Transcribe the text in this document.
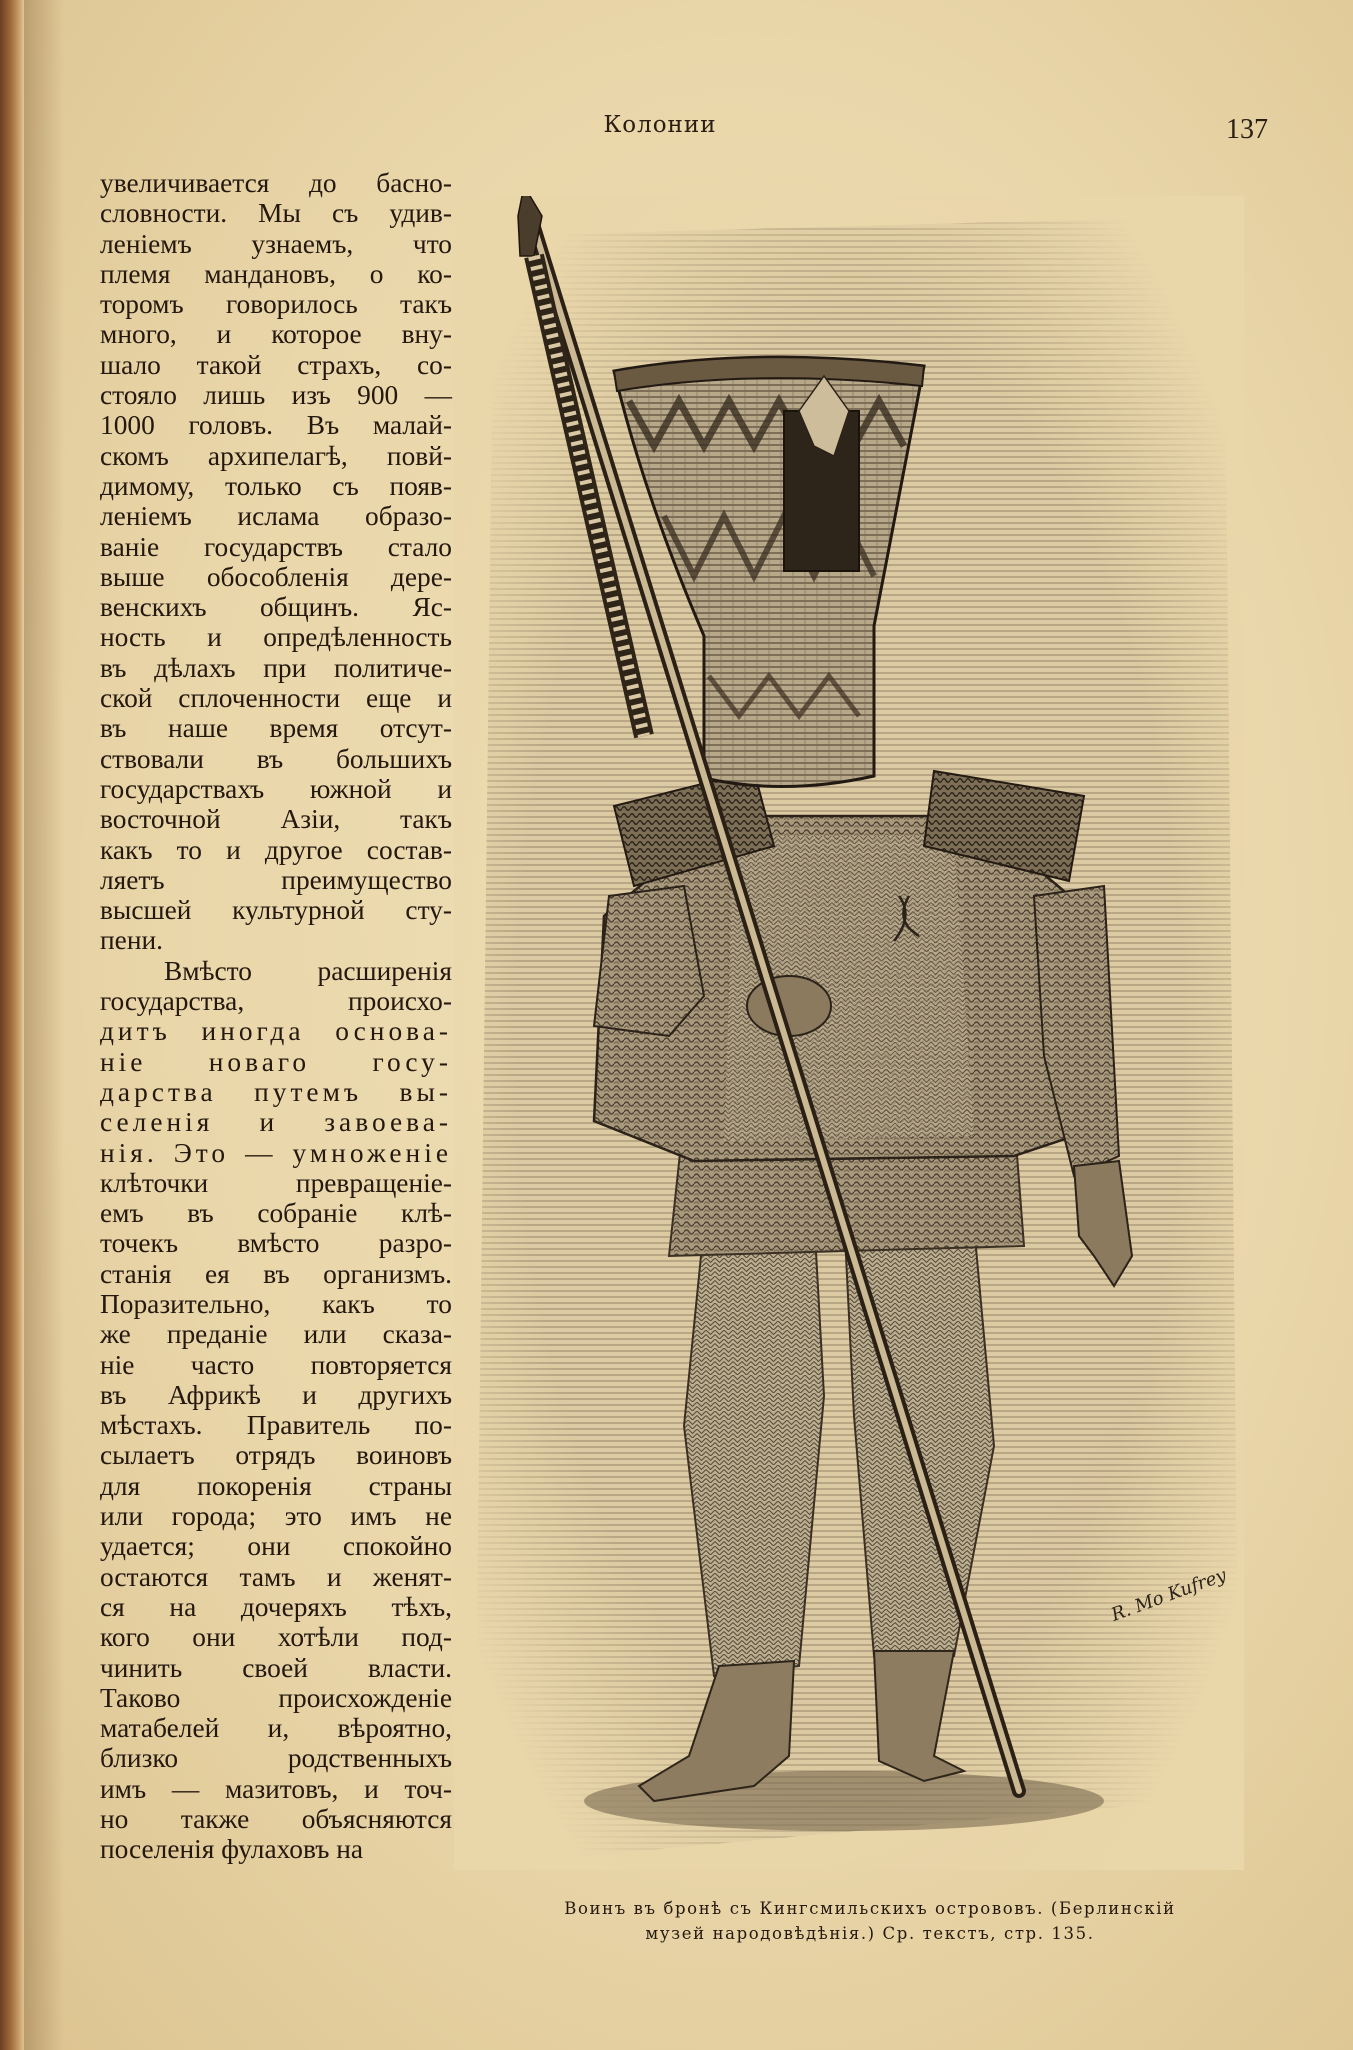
Колонии	137
увеличивается до басно-
словности. Мы съ удив-
ленiемъ узнаемъ, что
племя мандановъ, о ко-
торомъ говорилось такъ
много, и которое вну-
шало такой страхъ, со-
стояло лишь изъ 900 —
1000 головъ. Въ малай-
скомъ архипелагѣ, повй-
димому, только съ появ-
ленiемъ ислама образо-
ванiе государствъ стало
выше обособленiя дере-
венскихъ общинъ. Яс-
ность и опредѣленность
въ дѣлахъ при политиче-
ской сплоченности еще и
въ наше время отсут-
ствовали въ большихъ
государствахъ южной и
восточной Азiи, такъ
какъ то и другое состав-
ляетъ преимущество
высшей культурной сту-
пени.
Вмѣсто расширенiя
государства, происхо-
дитъ иногда основа-
нiе новаго госу-
дарства путемъ вы-
селенiя и завоева-
нiя. Это — умноженiе
клѣточки превращенiе-
емъ въ собранiе клѣ-
точекъ вмѣсто разро-
станiя ея въ организмъ.
Поразительно, какъ то
же преданiе или сказа-
нiе часто повторяется
въ Африкѣ и другихъ
мѣстахъ. Правитель по-
сылаетъ отрядъ воиновъ
для покоренiя страны
или города; это имъ не
удается; они спокойно
остаются тамъ и женят-
ся на дочеряхъ тѣхъ,
кого они хотѣли под-
чинить своей власти.
Таково происхожденiе
матабелей и, вѣроятно,
близко родственныхъ
имъ — мазитовъ, и точ-
но также объясняются
поселенiя фулаховъ на
R. Mo Kufrey
Воинъ въ бронѣ съ Кингсмильскихъ острововъ. (Берлинскiй
музей народовѣдѣнiя.) Ср. текстъ, стр. 135.
